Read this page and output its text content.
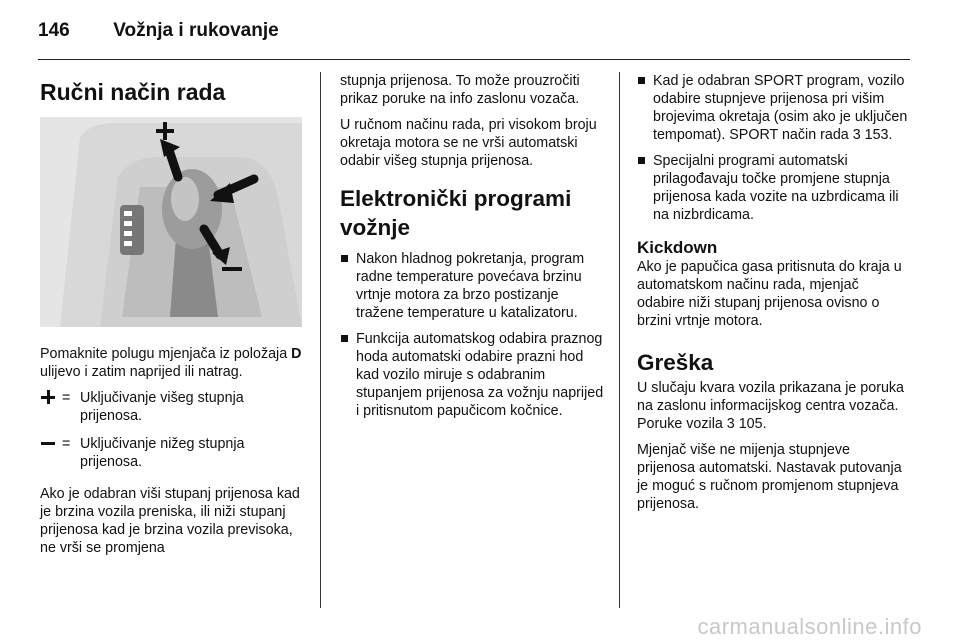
146 Vožnja i rukovanje
Ručni način rada

Pomaknite polugu mjenjača iz položaja D ulijevo i zatim naprijed ili natrag.

= Uključivanje višeg stupnja prijenosa.
= Uključivanje nižeg stupnja prijenosa.

Ako je odabran viši stupanj prijenosa kad je brzina vozila preniska, ili niži stupanj prijenosa kad je brzina vozila previsoka, ne vrši se promjena

stupnja prijenosa. To može prouzročiti prikaz poruke na info zaslonu vozača.

U ručnom načinu rada, pri visokom broju okretaja motora se ne vrši automatski odabir višeg stupnja prijenosa.

Elektronički programi vožnje
Nakon hladnog pokretanja, program radne temperature povećava brzinu vrtnje motora za brzo postizanje tražene temperature u katalizatoru.
Funkcija automatskog odabira praznog hoda automatski odabire prazni hod kad vozilo miruje s odabranim stupanjem prijenosa za vožnju naprijed i pritisnutom papučicom kočnice.
Kad je odabran SPORT program, vozilo odabire stupnjeve prijenosa pri višim brojevima okretaja (osim ako je uključen tempomat). SPORT način rada 3 153.
Specijalni programi automatski prilagođavaju točke promjene stupnja prijenosa kada vozite na uzbrdicama ili na nizbrdicama.
Kickdown

Ako je papučica gasa pritisnuta do kraja u automatskom načinu rada, mjenjač odabire niži stupanj prijenosa ovisno o brzini vrtnje motora.

Greška

U slučaju kvara vozila prikazana je poruka na zaslonu informacijskog centra vozača. Poruke vozila 3 105.

Mjenjač više ne mijenja stupnjeve prijenosa automatski. Nastavak putovanja je moguć s ručnom promjenom stupnjeva prijenosa.

carmanualsonline.info
